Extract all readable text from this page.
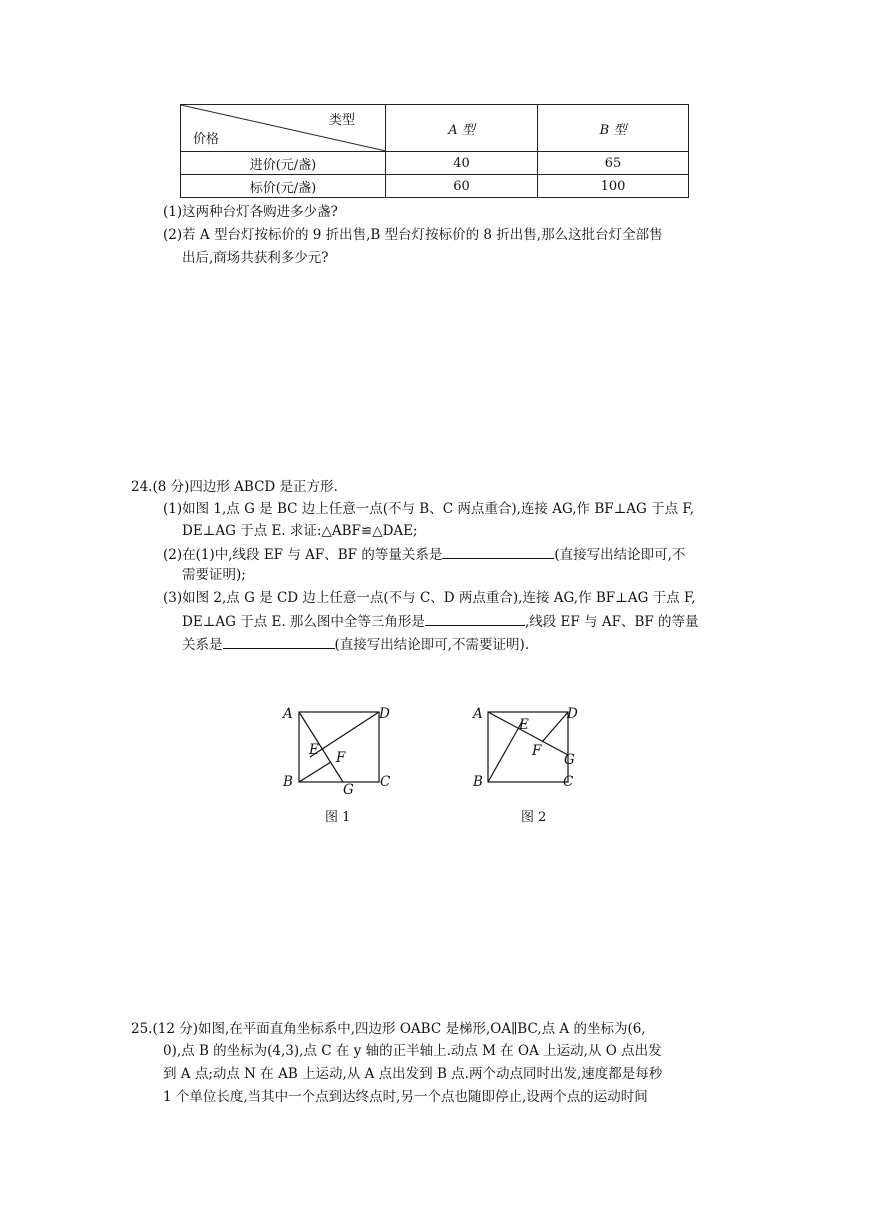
类型
价格	A 型	B 型
进价(元/盏)	40	65
标价(元/盏)	60	100
(1)这两种台灯各购进多少盏?
(2)若 A 型台灯按标价的 9 折出售,B 型台灯按标价的 8 折出售,那么这批台灯全部售
出后,商场共获利多少元?
24.(8 分)四边形 ABCD 是正方形.
(1)如图 1,点 G 是 BC 边上任意一点(不与 B、C 两点重合),连接 AG,作 BF⊥AG 于点 F,
DE⊥AG 于点 E. 求证:△ABF≌△DAE;
(2)在(1)中,线段 EF 与 AF、BF 的等量关系是	(直接写出结论即可,不
需要证明);
(3)如图 2,点 G 是 CD 边上任意一点(不与 C、D 两点重合),连接 AG,作 BF⊥AG 于点 F,
DE⊥AG 于点 E. 那么图中全等三角形是	,线段 EF 与 AF、BF 的等量
关系是	(直接写出结论即可,不需要证明).
A	D
B	C
E F
G
图 1
A	D
B	C
E
F
G
图 2
25.(12 分)如图,在平面直角坐标系中,四边形 OABC 是梯形,OA∥BC,点 A 的坐标为(6,
0),点 B 的坐标为(4,3),点 C 在 y 轴的正半轴上.动点 M 在 OA 上运动,从 O 点出发
到 A 点;动点 N 在 AB 上运动,从 A 点出发到 B 点.两个动点同时出发,速度都是每秒
1 个单位长度,当其中一个点到达终点时,另一个点也随即停止,设两个点的运动时间
